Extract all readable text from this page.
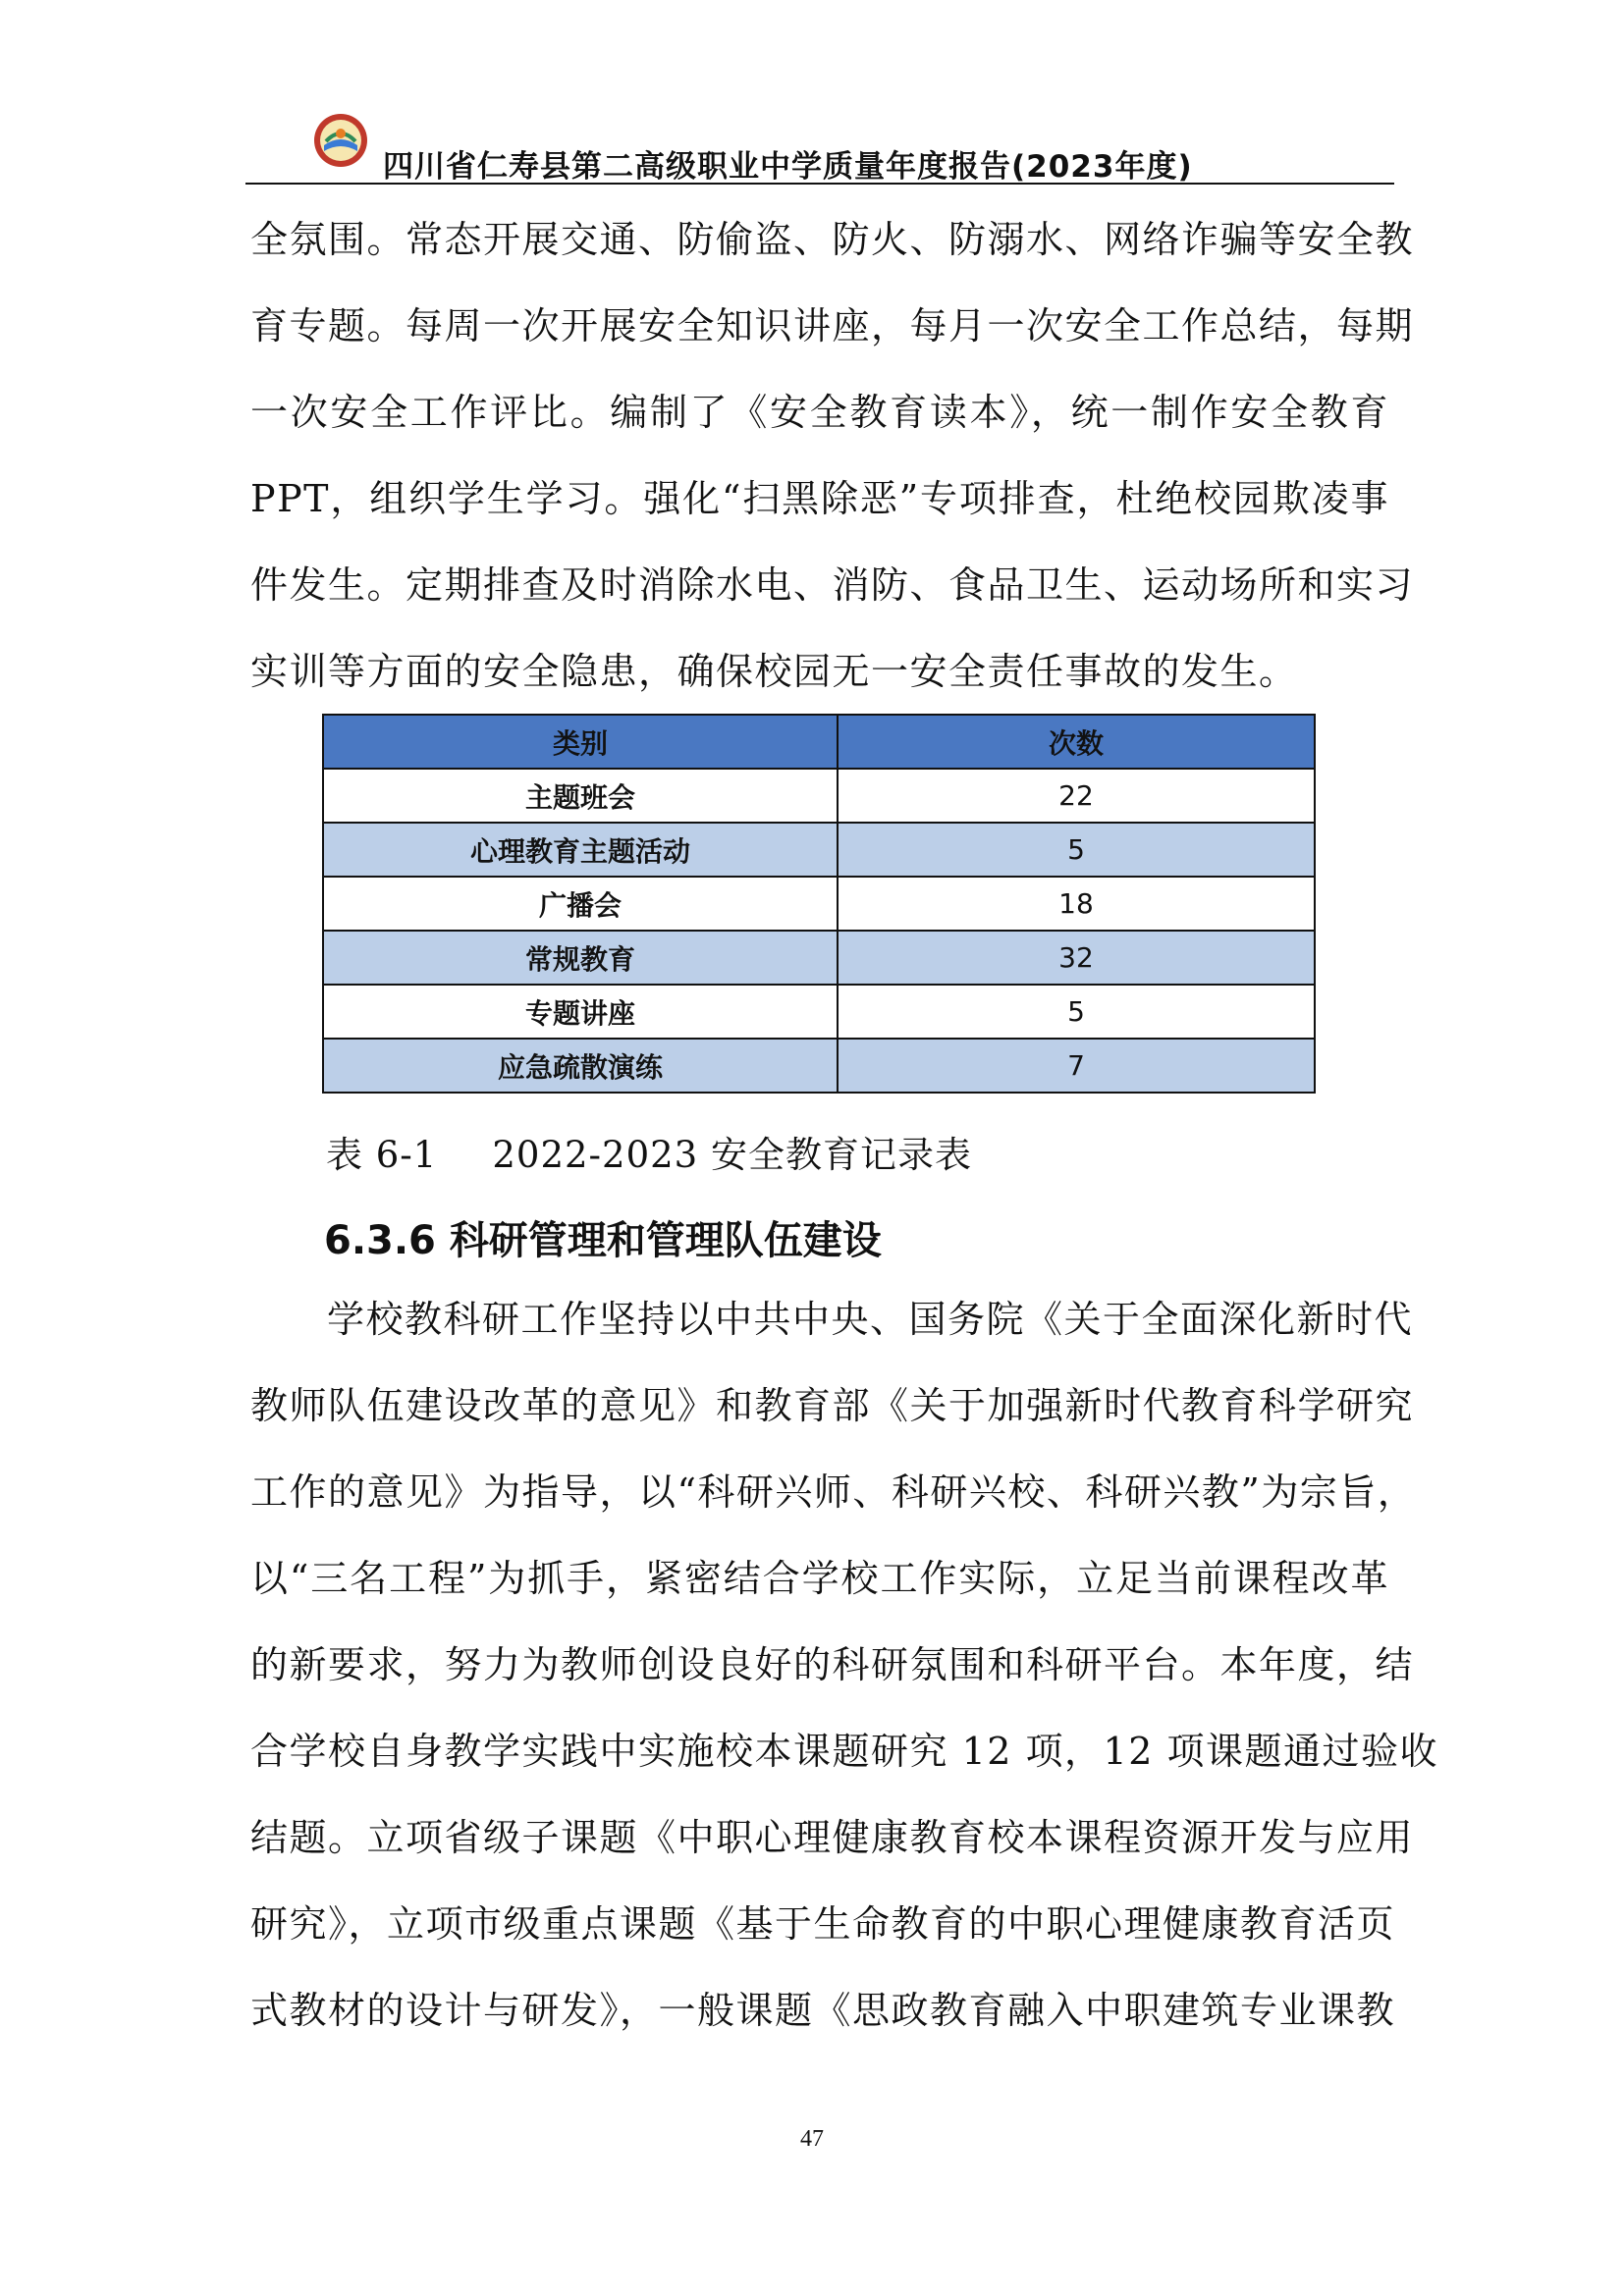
四川省仁寿县第二高级职业中学质量年度报告(2023年度)
全氛围。常态开展交通、防偷盗、防火、防溺水、网络诈骗等安全教
育专题。每周一次开展安全知识讲座，每月一次安全工作总结，每期
一次安全工作评比。编制了《安全教育读本》，统一制作安全教育
PPT，组织学生学习。强化“扫黑除恶”专项排查，杜绝校园欺凌事
件发生。定期排查及时消除水电、消防、食品卫生、运动场所和实习
实训等方面的安全隐患，确保校园无一安全责任事故的发生。
类别	次数
主题班会	22
心理教育主题活动	5
广播会	18
常规教育	32
专题讲座	5
应急疏散演练	7
表 6-1 2022-2023 安全教育记录表
6.3.6 科研管理和管理队伍建设
学校教科研工作坚持以中共中央、国务院《关于全面深化新时代
教师队伍建设改革的意见》和教育部《关于加强新时代教育科学研究
工作的意见》为指导，以“科研兴师、科研兴校、科研兴教”为宗旨，
以“三名工程”为抓手，紧密结合学校工作实际，立足当前课程改革
的新要求，努力为教师创设良好的科研氛围和科研平台。本年度，结
合学校自身教学实践中实施校本课题研究 12 项，12 项课题通过验收
结题。立项省级子课题《中职心理健康教育校本课程资源开发与应用
研究》，立项市级重点课题《基于生命教育的中职心理健康教育活页
式教材的设计与研发》，一般课题《思政教育融入中职建筑专业课教
47
